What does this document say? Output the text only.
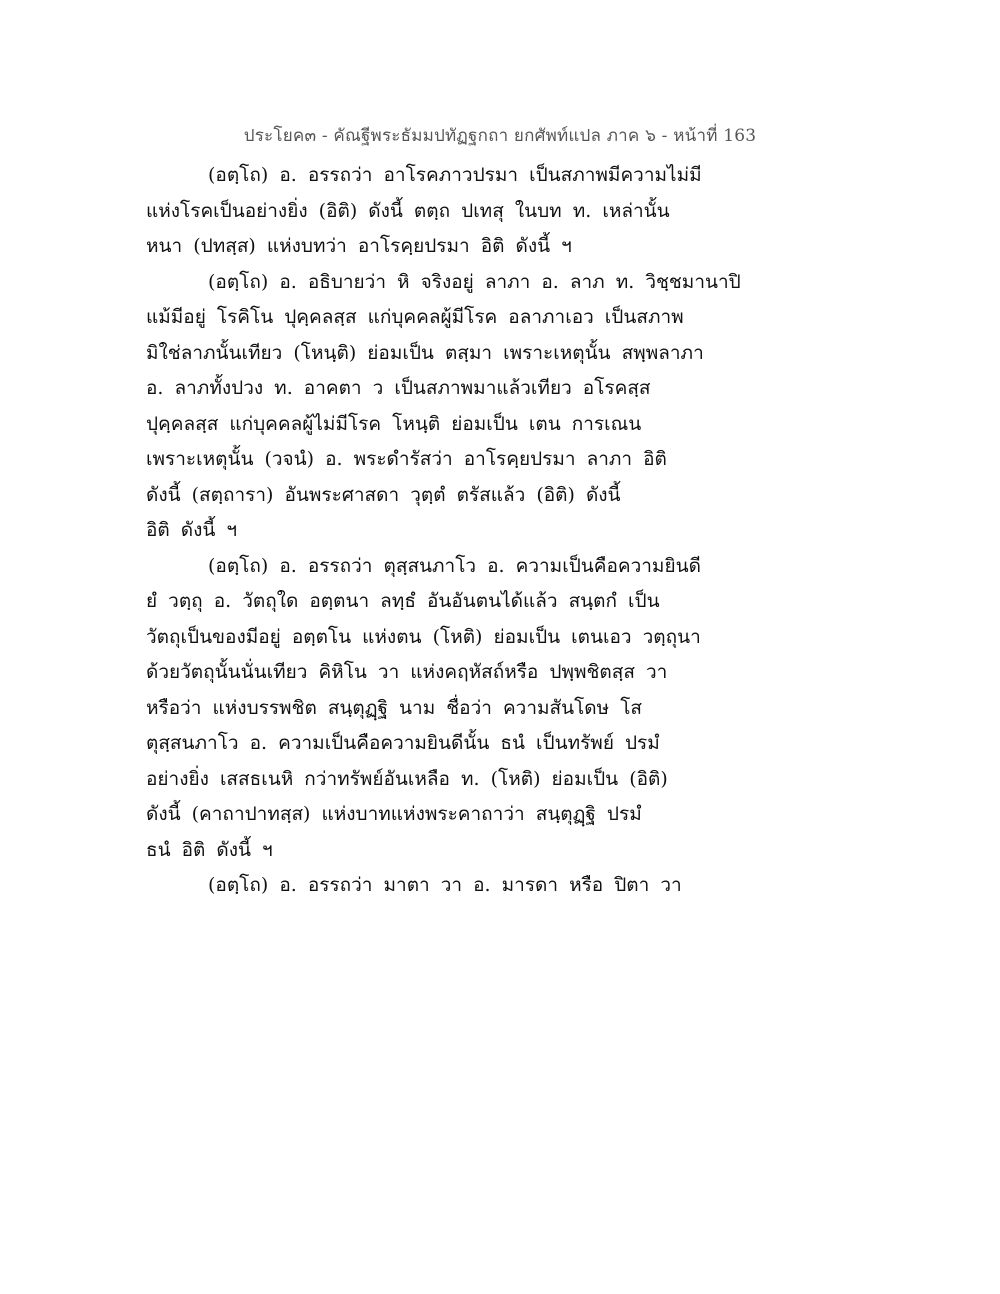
ประโยค๓ - คัณฐีพระธัมมปทัฏฐกถา ยกศัพท์แปล ภาค ๖ - หน้าที่ 163
(อตฺโถ) อ. อรรถว่า อาโรคภาวปรมา เป็นสภาพมีความไม่มี
แห่งโรคเป็นอย่างยิ่ง (อิติ) ดังนี้ ตตฺถ ปเทสุ ในบท ท. เหล่านั้น
หนา (ปทสฺส) แห่งบทว่า อาโรคฺยปรมา อิติ ดังนี้ ฯ
(อตฺโถ) อ. อธิบายว่า หิ จริงอยู่ ลาภา อ. ลาภ ท. วิชฺชมานาปิ
แม้มีอยู่ โรคิโน ปุคฺคลสฺส แก่บุคคลผู้มีโรค อลาภาเอว เป็นสภาพ
มิใช่ลาภนั้นเทียว (โหนฺติ) ย่อมเป็น ตสฺมา เพราะเหตุนั้น สพฺพลาภา
อ. ลาภทั้งปวง ท. อาคตา ว เป็นสภาพมาแล้วเทียว อโรคสฺส
ปุคฺคลสฺส แก่บุคคลผู้ไม่มีโรค โหนฺติ ย่อมเป็น เตน การเณน
เพราะเหตุนั้น (วจนํ) อ. พระดำรัสว่า อาโรคฺยปรมา ลาภา อิติ
ดังนี้ (สตฺถารา) อันพระศาสดา วุตฺตํ ตรัสแล้ว (อิติ) ดังนี้
อิติ ดังนี้ ฯ
(อตฺโถ) อ. อรรถว่า ตุสฺสนภาโว อ. ความเป็นคือความยินดี
ยํ วตฺถุ อ. วัตถุใด อตฺตนา ลทฺธํ อันอันตนได้แล้ว สนฺตกํ เป็น
วัตถุเป็นของมีอยู่ อตฺตโน แห่งตน (โหติ) ย่อมเป็น เตนเอว วตฺถุนา
ด้วยวัตถุนั้นนั่นเทียว คิหิโน วา แห่งคฤหัสถ์หรือ ปพฺพชิตสฺส วา
หรือว่า แห่งบรรพชิต สนฺตุฏฺฐิ นาม ชื่อว่า ความสันโดษ โส
ตุสฺสนภาโว อ. ความเป็นคือความยินดีนั้น ธนํ เป็นทรัพย์ ปรมํ
อย่างยิ่ง เสสธเนหิ กว่าทรัพย์อันเหลือ ท. (โหติ) ย่อมเป็น (อิติ)
ดังนี้ (คาถาปาทสฺส) แห่งบาทแห่งพระคาถาว่า สนฺตุฏฺฐิ ปรมํ
ธนํ อิติ ดังนี้ ฯ
(อตฺโถ) อ. อรรถว่า มาตา วา อ. มารดา หรือ ปิตา วา
